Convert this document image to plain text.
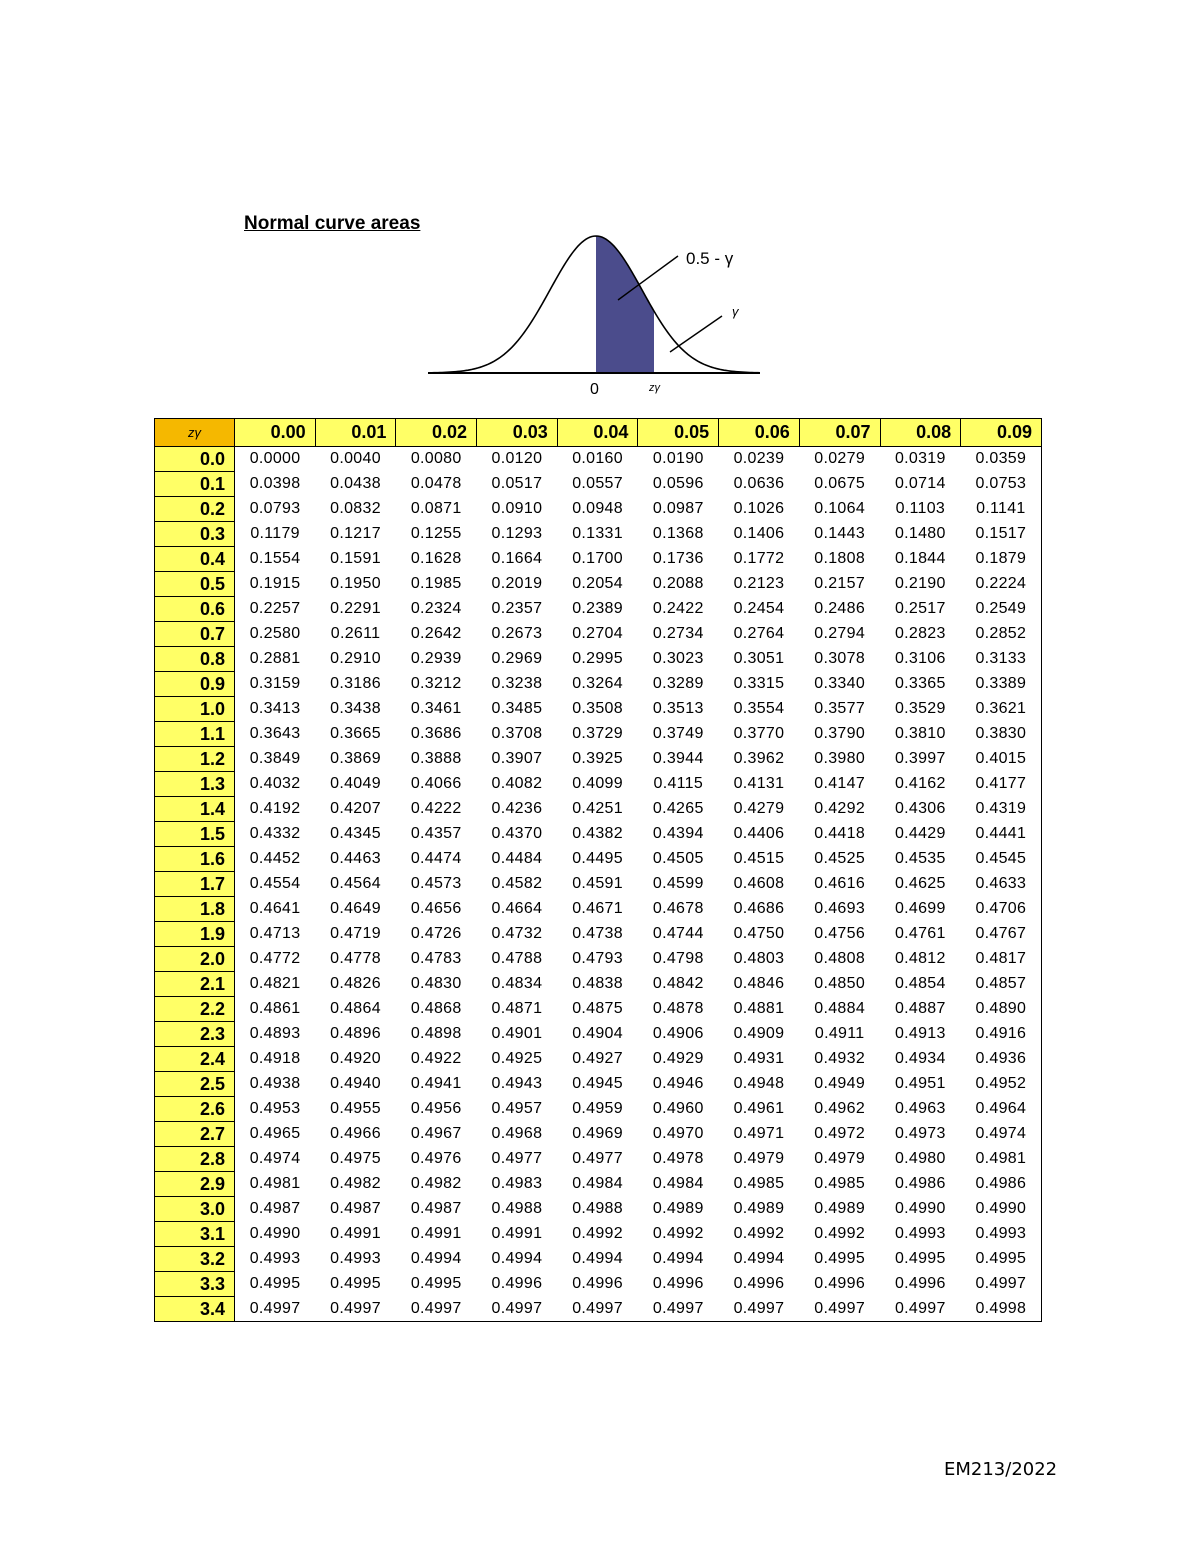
Normal curve areas
0.5 - γ
γ
0	zγ
zγ	0.00	0.01	0.02	0.03	0.04	0.05	0.06	0.07	0.08	0.09
0.0	0.0000	0.0040	0.0080	0.0120	0.0160	0.0190	0.0239	0.0279	0.0319	0.0359
0.1	0.0398	0.0438	0.0478	0.0517	0.0557	0.0596	0.0636	0.0675	0.0714	0.0753
0.2	0.0793	0.0832	0.0871	0.0910	0.0948	0.0987	0.1026	0.1064	0.1103	0.1141
0.3	0.1179	0.1217	0.1255	0.1293	0.1331	0.1368	0.1406	0.1443	0.1480	0.1517
0.4	0.1554	0.1591	0.1628	0.1664	0.1700	0.1736	0.1772	0.1808	0.1844	0.1879
0.5	0.1915	0.1950	0.1985	0.2019	0.2054	0.2088	0.2123	0.2157	0.2190	0.2224
0.6	0.2257	0.2291	0.2324	0.2357	0.2389	0.2422	0.2454	0.2486	0.2517	0.2549
0.7	0.2580	0.2611	0.2642	0.2673	0.2704	0.2734	0.2764	0.2794	0.2823	0.2852
0.8	0.2881	0.2910	0.2939	0.2969	0.2995	0.3023	0.3051	0.3078	0.3106	0.3133
0.9	0.3159	0.3186	0.3212	0.3238	0.3264	0.3289	0.3315	0.3340	0.3365	0.3389
1.0	0.3413	0.3438	0.3461	0.3485	0.3508	0.3513	0.3554	0.3577	0.3529	0.3621
1.1	0.3643	0.3665	0.3686	0.3708	0.3729	0.3749	0.3770	0.3790	0.3810	0.3830
1.2	0.3849	0.3869	0.3888	0.3907	0.3925	0.3944	0.3962	0.3980	0.3997	0.4015
1.3	0.4032	0.4049	0.4066	0.4082	0.4099	0.4115	0.4131	0.4147	0.4162	0.4177
1.4	0.4192	0.4207	0.4222	0.4236	0.4251	0.4265	0.4279	0.4292	0.4306	0.4319
1.5	0.4332	0.4345	0.4357	0.4370	0.4382	0.4394	0.4406	0.4418	0.4429	0.4441
1.6	0.4452	0.4463	0.4474	0.4484	0.4495	0.4505	0.4515	0.4525	0.4535	0.4545
1.7	0.4554	0.4564	0.4573	0.4582	0.4591	0.4599	0.4608	0.4616	0.4625	0.4633
1.8	0.4641	0.4649	0.4656	0.4664	0.4671	0.4678	0.4686	0.4693	0.4699	0.4706
1.9	0.4713	0.4719	0.4726	0.4732	0.4738	0.4744	0.4750	0.4756	0.4761	0.4767
2.0	0.4772	0.4778	0.4783	0.4788	0.4793	0.4798	0.4803	0.4808	0.4812	0.4817
2.1	0.4821	0.4826	0.4830	0.4834	0.4838	0.4842	0.4846	0.4850	0.4854	0.4857
2.2	0.4861	0.4864	0.4868	0.4871	0.4875	0.4878	0.4881	0.4884	0.4887	0.4890
2.3	0.4893	0.4896	0.4898	0.4901	0.4904	0.4906	0.4909	0.4911	0.4913	0.4916
2.4	0.4918	0.4920	0.4922	0.4925	0.4927	0.4929	0.4931	0.4932	0.4934	0.4936
2.5	0.4938	0.4940	0.4941	0.4943	0.4945	0.4946	0.4948	0.4949	0.4951	0.4952
2.6	0.4953	0.4955	0.4956	0.4957	0.4959	0.4960	0.4961	0.4962	0.4963	0.4964
2.7	0.4965	0.4966	0.4967	0.4968	0.4969	0.4970	0.4971	0.4972	0.4973	0.4974
2.8	0.4974	0.4975	0.4976	0.4977	0.4977	0.4978	0.4979	0.4979	0.4980	0.4981
2.9	0.4981	0.4982	0.4982	0.4983	0.4984	0.4984	0.4985	0.4985	0.4986	0.4986
3.0	0.4987	0.4987	0.4987	0.4988	0.4988	0.4989	0.4989	0.4989	0.4990	0.4990
3.1	0.4990	0.4991	0.4991	0.4991	0.4992	0.4992	0.4992	0.4992	0.4993	0.4993
3.2	0.4993	0.4993	0.4994	0.4994	0.4994	0.4994	0.4994	0.4995	0.4995	0.4995
3.3	0.4995	0.4995	0.4995	0.4996	0.4996	0.4996	0.4996	0.4996	0.4996	0.4997
3.4	0.4997	0.4997	0.4997	0.4997	0.4997	0.4997	0.4997	0.4997	0.4997	0.4998
EM213/2022
